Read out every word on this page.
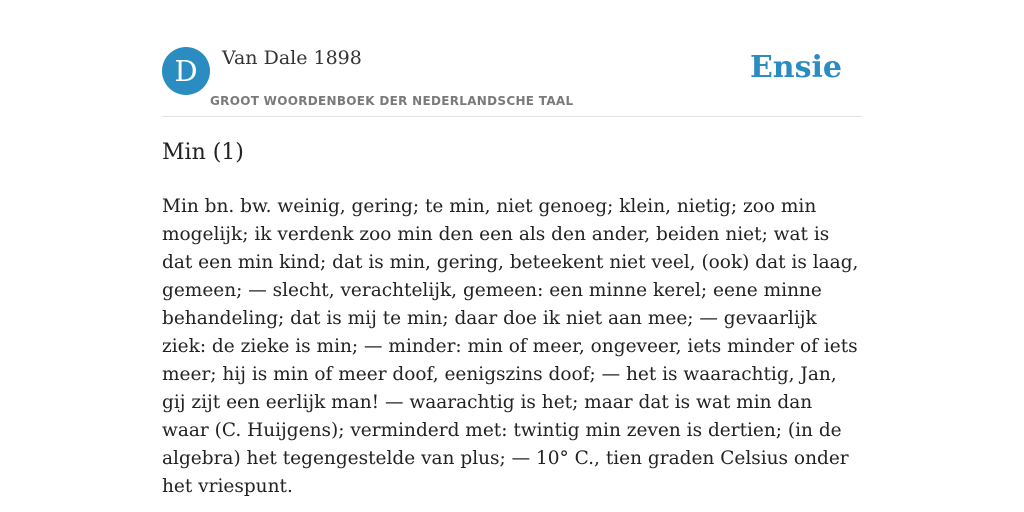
D	Van Dale 1898
GROOT WOORDENBOEK DER NEDERLANDSCHE TAAL
Ensie
Min (1)

Min bn. bw. weinig, gering; te min, niet genoeg; klein, nietig; zoo min mogelijk; ik verdenk zoo min den een als den ander, beiden niet; wat is dat een min kind; dat is min, gering, beteekent niet veel, (ook) dat is laag, gemeen; — slecht, verachtelijk, gemeen: een minne kerel; eene minne behandeling; dat is mij te min; daar doe ik niet aan mee; — gevaarlijk ziek: de zieke is min; — minder: min of meer, ongeveer, iets minder of iets meer; hij is min of meer doof, eenigszins doof; — het is waarachtig, Jan, gij zijt een eerlijk man! — waarachtig is het; maar dat is wat min dan waar (C. Huijgens); verminderd met: twintig min zeven is dertien; (in de algebra) het tegengestelde van plus; — 10° C., tien graden Celsius onder het vriespunt.
